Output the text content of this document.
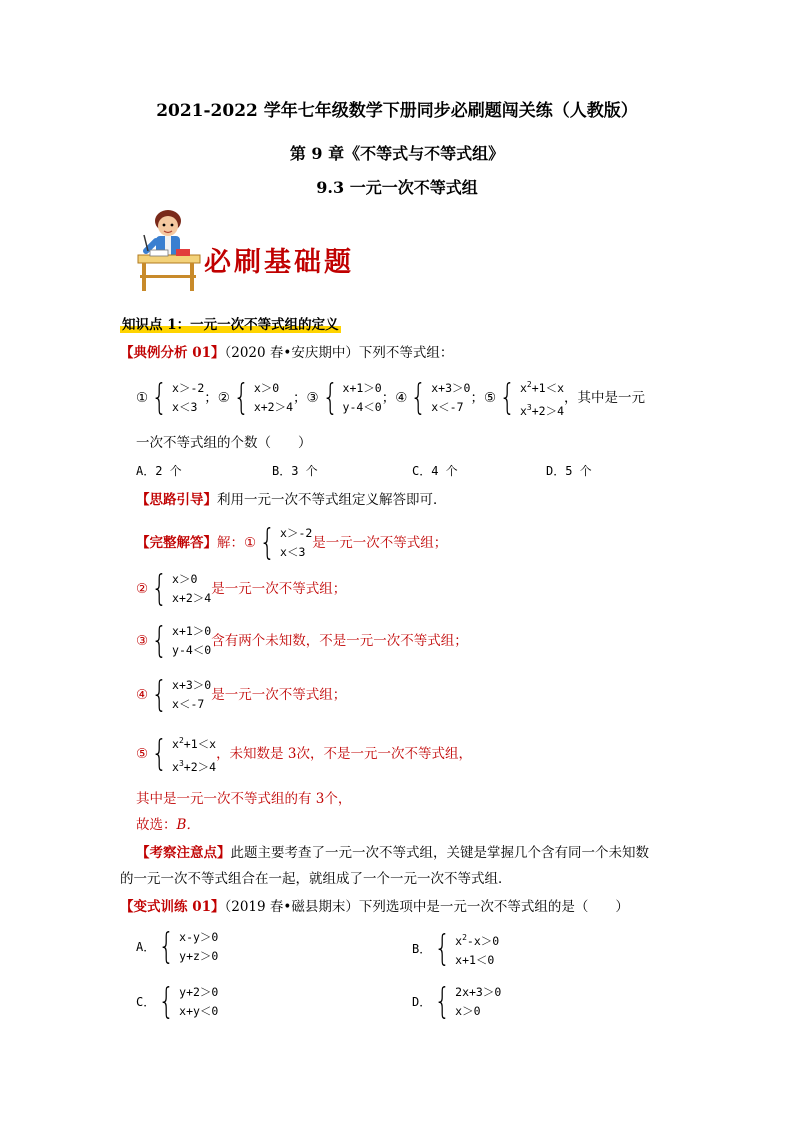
2021-2022 学年七年级数学下册同步必刷题闯关练（人教版）
第 9 章《不等式与不等式组》
9.3 一元一次不等式组
必刷基础题
知识点 1：一元一次不等式组的定义
【典例分析 01】（2020 春•安庆期中）下列不等式组：
① { x＞-2
x＜3
； ② { x＞0
x+2＞4
； ③ { x+1＞0
y-4＜0
； ④ { x+3＞0
x＜-7
； ⑤ { $x^2+1<x$
$x^3+2>4$
，其中是一元
一次不等式组的个数（　　）
A．2 个	B．3 个	C．4 个	D．5 个
【思路引导】利用一元一次不等式组定义解答即可．
【完整解答】 解： ① { x＞-2
x＜3
是一元一次不等式组；
② { x＞0
x+2＞4
是一元一次不等式组；
③ { x+1＞0
y-4＜0
含有两个未知数，不是一元一次不等式组；
④ { x+3＞0
x＜-7
是一元一次不等式组；
⑤ { $x^2+1<x$
$x^3+2>4$
，未知数是 3次，不是一元一次不等式组，
其中是一元一次不等式组的有 3个，
故选：B．
【考察注意点】此题主要考查了一元一次不等式组，关键是掌握几个含有同一个未知数
的一元一次不等式组合在一起，就组成了一个一元一次不等式组．
【变式训练 01】（2019 春•磁县期末）下列选项中是一元一次不等式组的是（　　）
A． { x-y＞0
y+z＞0	B． { $x^2-x>0$
x+1＜0
C． { y+2＞0
x+y＜0
D． { 2x+3＞0
x＞0
